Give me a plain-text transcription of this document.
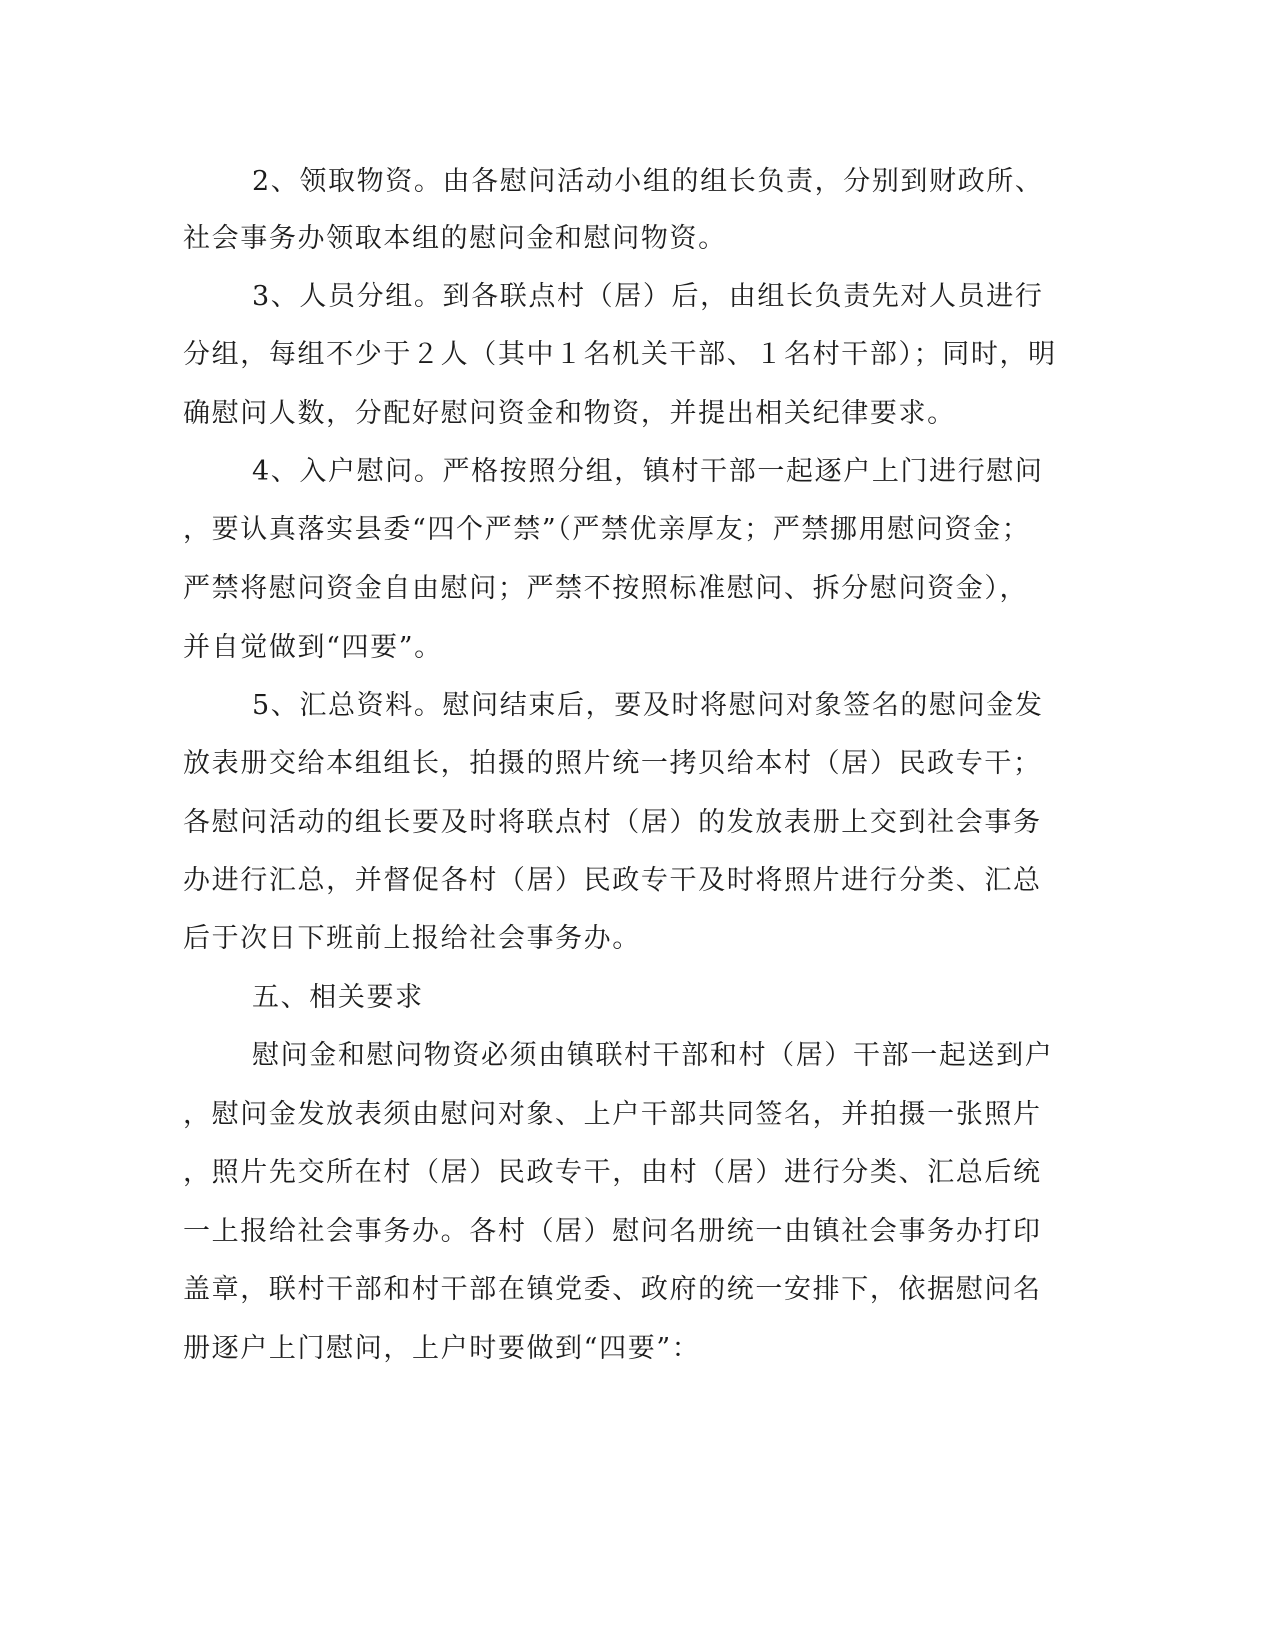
2、领取物资。由各慰问活动小组的组长负责，分别到财政所、
社会事务办领取本组的慰问金和慰问物资。
3、人员分组。到各联点村（居）后，由组长负责先对人员进行
分组，每组不少于２人（其中１名机关干部、１名村干部）；同时，明
确慰问人数，分配好慰问资金和物资，并提出相关纪律要求。
4、入户慰问。严格按照分组，镇村干部一起逐户上门进行慰问
，要认真落实县委“四个严禁”（严禁优亲厚友；严禁挪用慰问资金；
严禁将慰问资金自由慰问；严禁不按照标准慰问、拆分慰问资金），
并自觉做到“四要”。
5、汇总资料。慰问结束后，要及时将慰问对象签名的慰问金发
放表册交给本组组长，拍摄的照片统一拷贝给本村（居）民政专干；
各慰问活动的组长要及时将联点村（居）的发放表册上交到社会事务
办进行汇总，并督促各村（居）民政专干及时将照片进行分类、汇总
后于次日下班前上报给社会事务办。
五、相关要求
慰问金和慰问物资必须由镇联村干部和村（居）干部一起送到户
，慰问金发放表须由慰问对象、上户干部共同签名，并拍摄一张照片
，照片先交所在村（居）民政专干，由村（居）进行分类、汇总后统
一上报给社会事务办。各村（居）慰问名册统一由镇社会事务办打印
盖章，联村干部和村干部在镇党委、政府的统一安排下，依据慰问名
册逐户上门慰问，上户时要做到“四要”：
